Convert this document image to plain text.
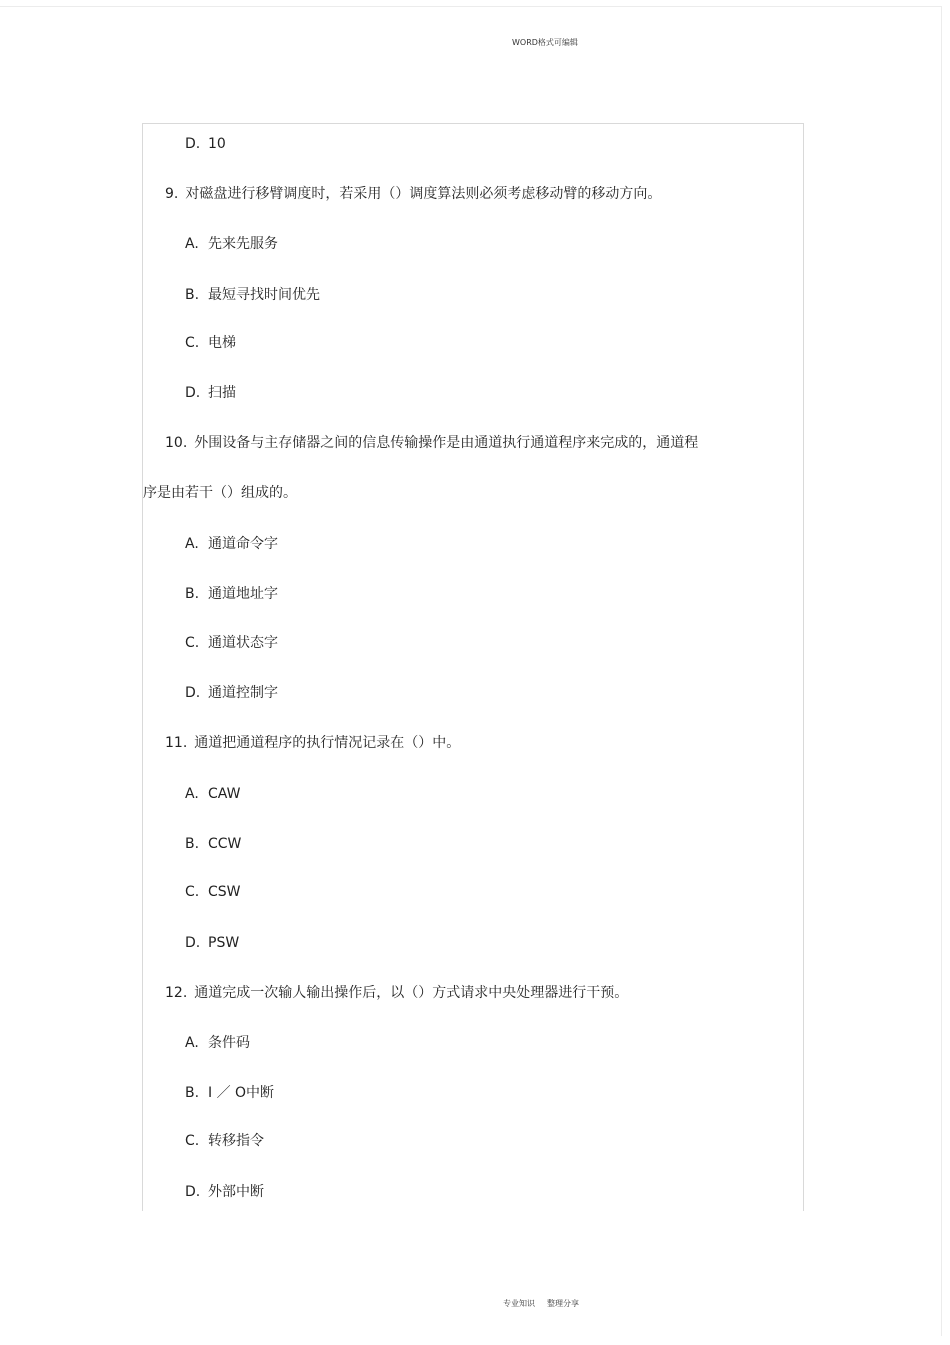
WORD格式可编辑
D. 10
9. 对磁盘进行移臂调度时，若采用（）调度算法则必须考虑移动臂的移动方向。
A. 先来先服务
B. 最短寻找时间优先
C. 电梯
D. 扫描
10. 外围设备与主存储器之间的信息传输操作是由通道执行通道程序来完成的，通道程
序是由若干（）组成的。
A. 通道命令字
B. 通道地址字
C. 通道状态字
D. 通道控制字
11. 通道把通道程序的执行情况记录在（）中。
A. CAW
B. CCW
C. CSW
D. PSW
12. 通道完成一次输人输出操作后，以（）方式请求中央处理器进行干预。
A. 条件码
B. I ／ O中断
C. 转移指令
D. 外部中断
专业知识 整理分享
